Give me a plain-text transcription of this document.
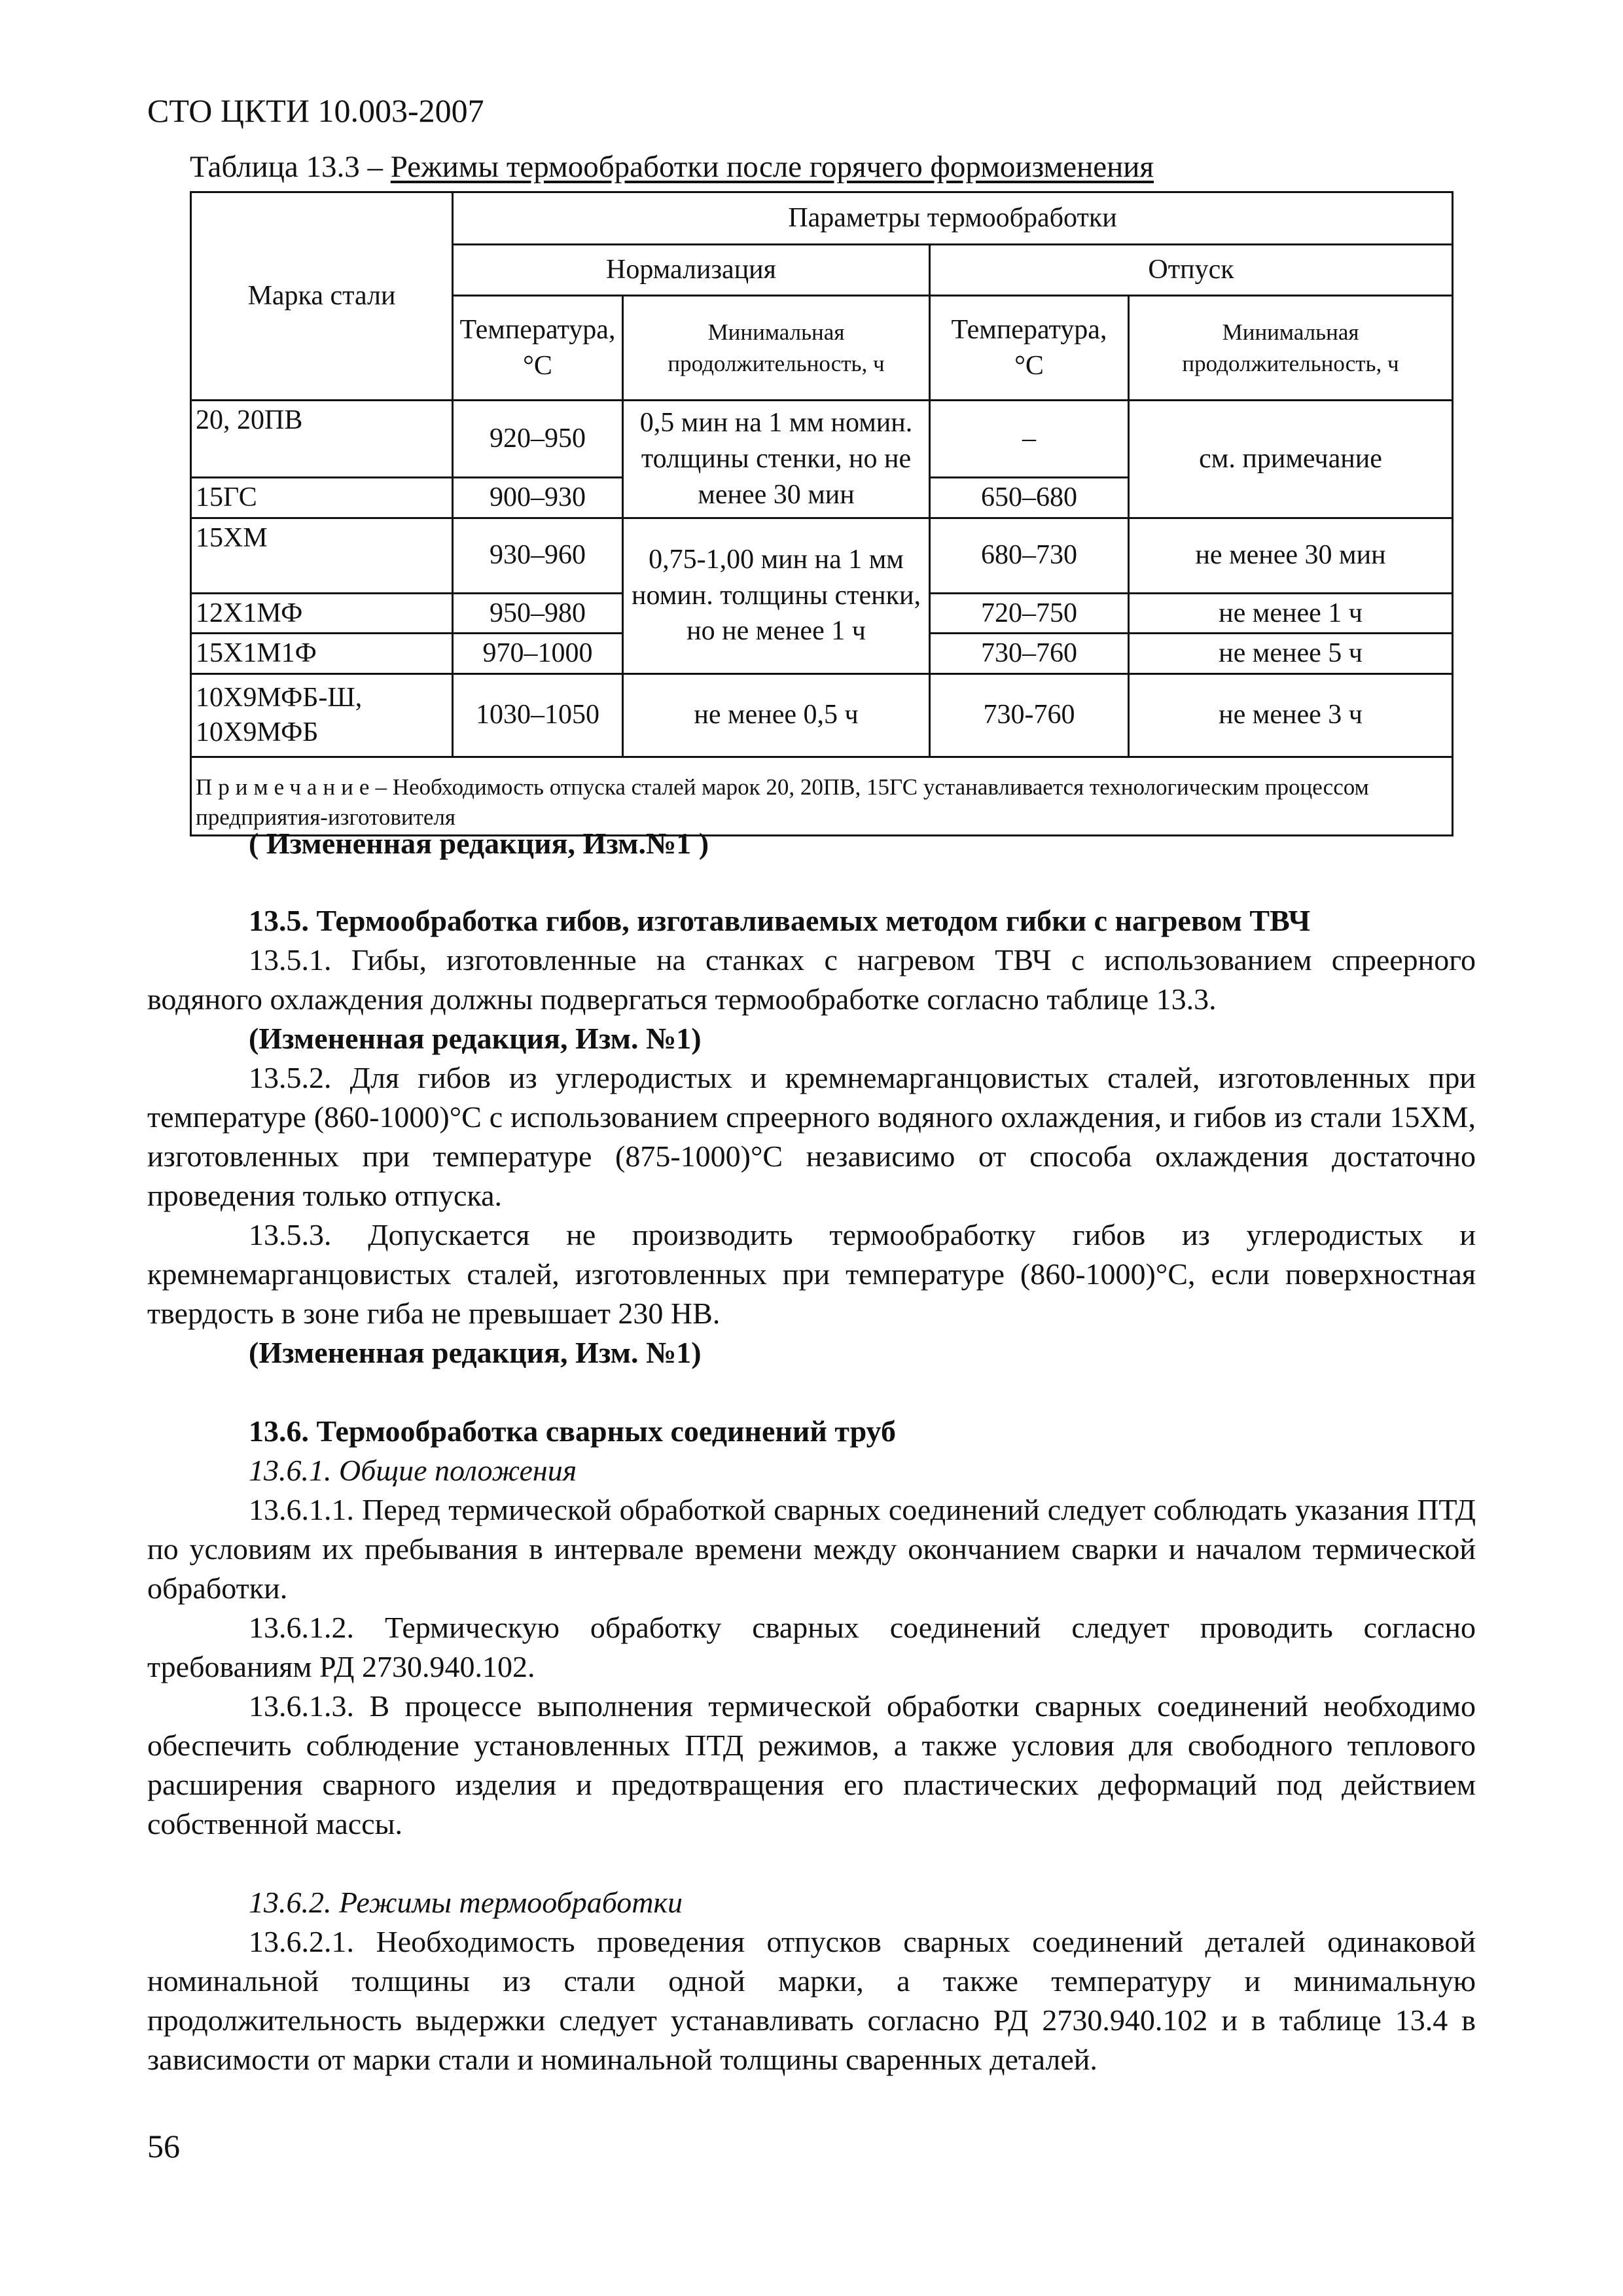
СТО ЦКТИ 10.003-2007
Таблица 13.3 – Режимы термообработки после горячего формоизменения
Марка стали	Параметры термообработки			
	Нормализация		Отпуск	
	Температура, °С	Минимальная продолжительность, ч	Температура, °С	Минимальная продолжительность, ч
20, 20ПВ	920–950	0,5 мин на 1 мм номин. толщины стенки, но не менее 30 мин	–	см. примечание
15ГС	900–930		650–680	
15ХМ	930–960	0,75-1,00 мин на 1 мм номин. толщины стенки, но не менее 1 ч	680–730	не менее 30 мин
12Х1МФ	950–980		720–750	не менее 1 ч
15Х1М1Ф	970–1000		730–760	не менее 5 ч
10Х9МФБ-Ш, 10Х9МФБ	1030–1050	не менее 0,5 ч	730-760	не менее 3 ч

Примечание– Необходимость отпуска сталей марок 20, 20ПВ, 15ГС устанавливается технологическим процессом предприятия-изготовителя				
( Измененная редакция, Изм.№1 )

13.5. Термообработка гибов, изготавливаемых методом гибки с нагревом ТВЧ

13.5.1. Гибы, изготовленные на станках с нагревом ТВЧ с использованием спреерного водяного охлаждения должны подвергаться термообработке согласно таблице 13.3.

(Измененная редакция, Изм. №1)

13.5.2. Для гибов из углеродистых и кремнемарганцовистых сталей, изготовленных при температуре (860-1000)°С с использованием спреерного водяного охлаждения, и гибов из стали 15ХМ, изготовленных при температуре (875-1000)°С независимо от способа охлаждения достаточно проведения только отпуска.

13.5.3. Допускается не производить термообработку гибов из углеродистых и кремнемарганцовистых сталей, изготовленных при температуре (860-1000)°С, если поверхностная твердость в зоне гиба не превышает 230 НВ.

(Измененная редакция, Изм. №1)

13.6. Термообработка сварных соединений труб

13.6.1. Общие положения

13.6.1.1. Перед термической обработкой сварных соединений следует соблюдать указания ПТД по условиям их пребывания в интервале времени между окончанием сварки и началом термической обработки.

13.6.1.2. Термическую обработку сварных соединений следует проводить согласно требованиям РД 2730.940.102.

13.6.1.3. В процессе выполнения термической обработки сварных соединений необходимо обеспечить соблюдение установленных ПТД режимов, а также условия для свободного теплового расширения сварного изделия и предотвращения его пластических деформаций под действием собственной массы.

13.6.2. Режимы термообработки

13.6.2.1. Необходимость проведения отпусков сварных соединений деталей одинаковой номинальной толщины из стали одной марки, а также температуру и минимальную продолжительность выдержки следует устанавливать согласно РД 2730.940.102 и в таблице 13.4 в зависимости от марки стали и номинальной толщины сваренных деталей.

56
